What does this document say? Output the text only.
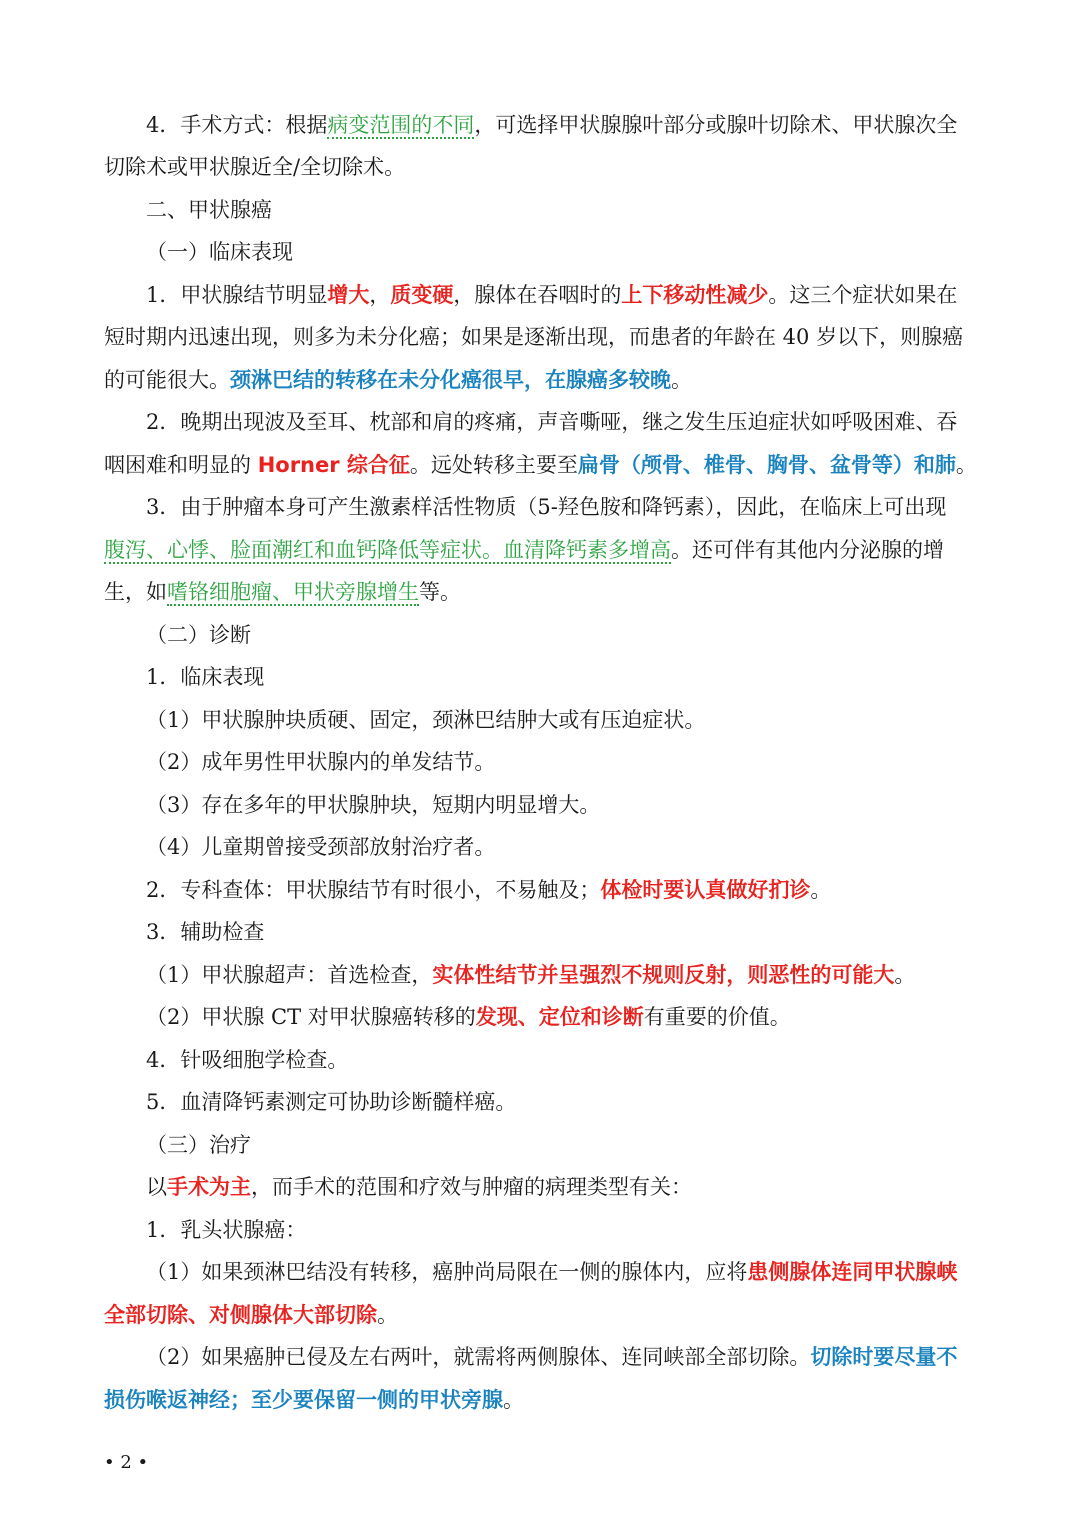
4．手术方式：根据病变范围的不同，可选择甲状腺腺叶部分或腺叶切除术、甲状腺次全
切除术或甲状腺近全/全切除术。
二、甲状腺癌
（一）临床表现
1．甲状腺结节明显增大，质变硬，腺体在吞咽时的上下移动性减少。这三个症状如果在
短时期内迅速出现，则多为未分化癌；如果是逐渐出现，而患者的年龄在 40 岁以下，则腺癌
的可能很大。颈淋巴结的转移在未分化癌很早，在腺癌多较晚。
2．晚期出现波及至耳、枕部和肩的疼痛，声音嘶哑，继之发生压迫症状如呼吸困难、吞
咽困难和明显的 Horner 综合征。远处转移主要至扁骨（颅骨、椎骨、胸骨、盆骨等）和肺。
3．由于肿瘤本身可产生激素样活性物质（5-羟色胺和降钙素），因此，在临床上可出现
腹泻、心悸、脸面潮红和血钙降低等症状。血清降钙素多增高。还可伴有其他内分泌腺的增
生，如嗜铬细胞瘤、甲状旁腺增生等。
（二）诊断
1．临床表现
（1）甲状腺肿块质硬、固定，颈淋巴结肿大或有压迫症状。
（2）成年男性甲状腺内的单发结节。
（3）存在多年的甲状腺肿块，短期内明显增大。
（4）儿童期曾接受颈部放射治疗者。
2．专科查体：甲状腺结节有时很小，不易触及；体检时要认真做好扪诊。
3．辅助检查
（1）甲状腺超声：首选检查，实体性结节并呈强烈不规则反射，则恶性的可能大。
（2）甲状腺 CT 对甲状腺癌转移的发现、定位和诊断有重要的价值。
4．针吸细胞学检查。
5．血清降钙素测定可协助诊断髓样癌。
（三）治疗
以手术为主，而手术的范围和疗效与肿瘤的病理类型有关：
1．乳头状腺癌：
（1）如果颈淋巴结没有转移，癌肿尚局限在一侧的腺体内，应将患侧腺体连同甲状腺峡
全部切除、对侧腺体大部切除。
（2）如果癌肿已侵及左右两叶，就需将两侧腺体、连同峡部全部切除。切除时要尽量不
损伤喉返神经；至少要保留一侧的甲状旁腺。
• 2 •
